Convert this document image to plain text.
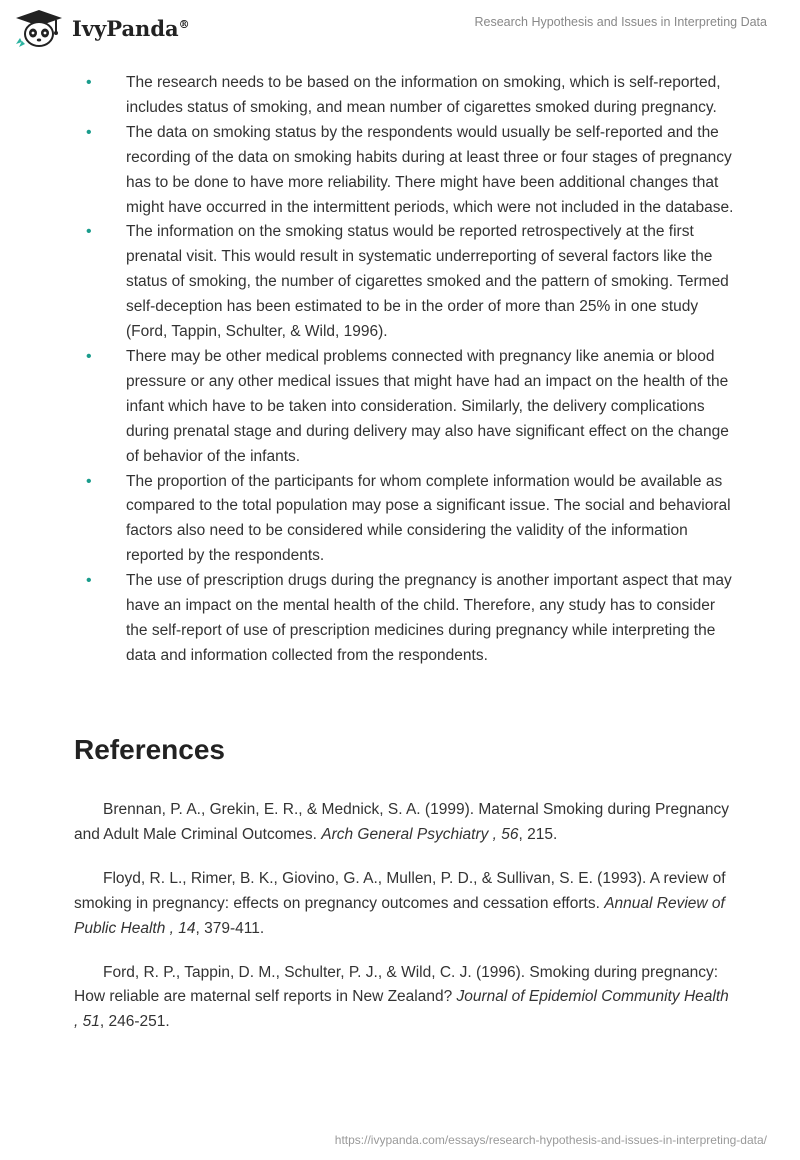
IvyPanda®	Research Hypothesis and Issues in Interpreting Data
• The research needs to be based on the information on smoking, which is self-reported, includes status of smoking, and mean number of cigarettes smoked during pregnancy.
• The data on smoking status by the respondents would usually be self-reported and the recording of the data on smoking habits during at least three or four stages of pregnancy has to be done to have more reliability. There might have been additional changes that might have occurred in the intermittent periods, which were not included in the database.
• The information on the smoking status would be reported retrospectively at the first prenatal visit. This would result in systematic underreporting of several factors like the status of smoking, the number of cigarettes smoked and the pattern of smoking. Termed self-deception has been estimated to be in the order of more than 25% in one study (Ford, Tappin, Schulter, & Wild, 1996).
• There may be other medical problems connected with pregnancy like anemia or blood pressure or any other medical issues that might have had an impact on the health of the infant which have to be taken into consideration. Similarly, the delivery complications during prenatal stage and during delivery may also have significant effect on the change of behavior of the infants.
• The proportion of the participants for whom complete information would be available as compared to the total population may pose a significant issue. The social and behavioral factors also need to be considered while considering the validity of the information reported by the respondents.
• The use of prescription drugs during the pregnancy is another important aspect that may have an impact on the mental health of the child. Therefore, any study has to consider the self-report of use of prescription medicines during pregnancy while interpreting the data and information collected from the respondents.
References

Brennan, P. A., Grekin, E. R., & Mednick, S. A. (1999). Maternal Smoking during Pregnancy and Adult Male Criminal Outcomes. Arch General Psychiatry , 56, 215.

Floyd, R. L., Rimer, B. K., Giovino, G. A., Mullen, P. D., & Sullivan, S. E. (1993). A review of smoking in pregnancy: effects on pregnancy outcomes and cessation efforts. Annual Review of Public Health , 14, 379-411.

Ford, R. P., Tappin, D. M., Schulter, P. J., & Wild, C. J. (1996). Smoking during pregnancy: How reliable are maternal self reports in New Zealand? Journal of Epidemiol Community Health , 51, 246-251.

https://ivypanda.com/essays/research-hypothesis-and-issues-in-interpreting-data/
